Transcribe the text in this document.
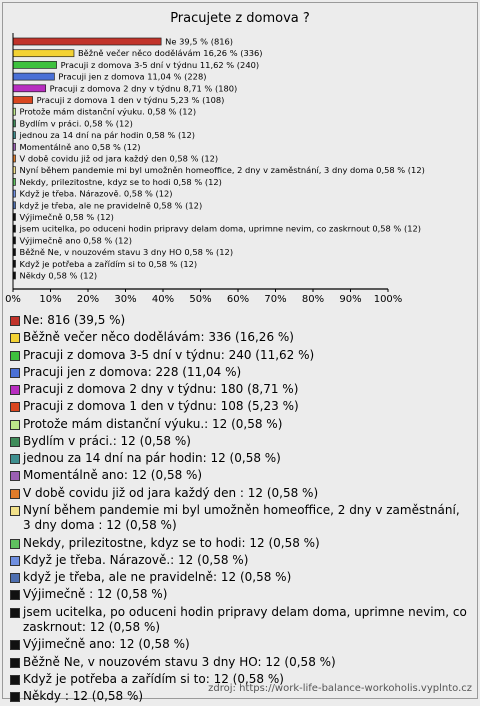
Pracujete z domova ?
Ne 39,5 % (816)
Běžně večer něco dodělávám 16,26 % (336)
Pracuji z domova 3-5 dní v týdnu 11,62 % (240)
Pracuji jen z domova 11,04 % (228)
Pracuji z domova 2 dny v týdnu 8,71 % (180)
Pracuji z domova 1 den v týdnu 5,23 % (108)
Protože mám distanční výuku. 0,58 % (12)
Bydlím v práci. 0,58 % (12)
jednou za 14 dní na pár hodin 0,58 % (12)
Momentálně ano 0,58 % (12)
V době covidu již od jara každý den 0,58 % (12)
Nyní během pandemie mi byl umožněn homeoffice, 2 dny v zaměstnání, 3 dny doma 0,58 % (12)
Nekdy, prilezitostne, kdyz se to hodi 0,58 % (12)
Když je třeba. Nárazově. 0,58 % (12)
když je třeba, ale ne pravidelně 0,58 % (12)
Výjimečně 0,58 % (12)
jsem ucitelka, po oduceni hodin pripravy delam doma, uprimne nevim, co zaskrnout 0,58 % (12)
Výjimečně ano 0,58 % (12)
Běžně Ne, v nouzovém stavu 3 dny HO 0,58 % (12)
Když je potřeba a zařídím si to 0,58 % (12)
Někdy 0,58 % (12)
0% 10% 20% 30% 40% 50% 60% 70% 80% 90% 100%
Ne: 816 (39,5 %)
Běžně večer něco dodělávám: 336 (16,26 %)
Pracuji z domova 3-5 dní v týdnu: 240 (11,62 %)
Pracuji jen z domova: 228 (11,04 %)
Pracuji z domova 2 dny v týdnu: 180 (8,71 %)
Pracuji z domova 1 den v týdnu: 108 (5,23 %)
Protože mám distanční výuku.: 12 (0,58 %)
Bydlím v práci.: 12 (0,58 %)
jednou za 14 dní na pár hodin: 12 (0,58 %)
Momentálně ano: 12 (0,58 %)
V době covidu již od jara každý den : 12 (0,58 %)
Nyní během pandemie mi byl umožněn homeoffice, 2 dny v zaměstnání, 3 dny doma : 12 (0,58 %)
Nekdy, prilezitostne, kdyz se to hodi: 12 (0,58 %)
Když je třeba. Nárazově.: 12 (0,58 %)
když je třeba, ale ne pravidelně: 12 (0,58 %)
Výjimečně : 12 (0,58 %)
jsem ucitelka, po oduceni hodin pripravy delam doma, uprimne nevim, co zaskrnout: 12 (0,58 %)
Výjimečně ano: 12 (0,58 %)
Běžně Ne, v nouzovém stavu 3 dny HO: 12 (0,58 %)
Když je potřeba a zařídím si to: 12 (0,58 %)
Někdy : 12 (0,58 %)
zdroj: https://work-life-balance-workoholis.vyplnto.cz
